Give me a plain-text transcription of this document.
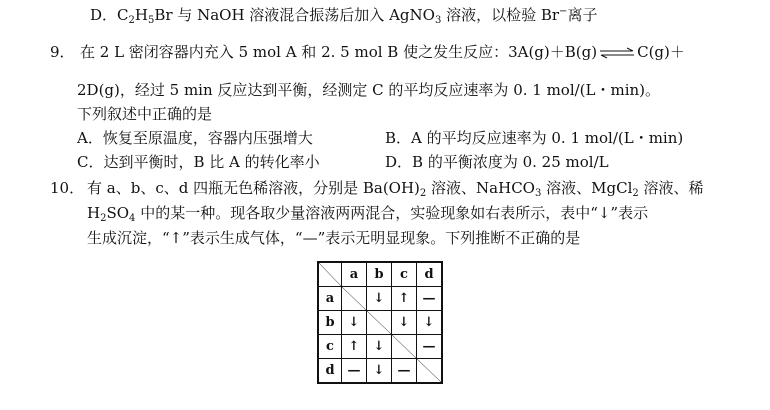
D．$C_2H_5Br$ 与 NaOH 溶液混合振荡后加入 AgNO$_3$ 溶液，以检验 Br−离子
9． 在 2 L 密闭容器内充入 5 mol A 和 2. 5 mol B 使之发生反应：3A(g)＋B(g) ⇌ C(g)＋
2D(g)，经过 5 min 反应达到平衡，经测定 C 的平均反应速率为 0. 1 mol/(L・min)。
下列叙述中正确的是
A．恢复至原温度，容器内压强增大	B．A 的平均反应速率为 0. 1 mol/(L・min)
C．达到平衡时，B 比 A 的转化率小	D．B 的平衡浓度为 0. 25 mol/L
10． 有 a、b、c、d 四瓶无色稀溶液，分别是 $Ba(OH)_2$ 溶液、NaHCO$_3$ 溶液、MgCl$_2$ 溶液、稀
$H_2SO_4$ 中的某一种。现各取少量溶液两两混合，实验现象如右表所示，表中“↓”表示
生成沉淀，“↑”表示生成气体，“—”表示无明显现象。下列推断不正确的是
	a	b	c	d
a		↓	↑	—
b	↓		↓	↓
c	↑	↓		—
d	—	↓	—	
